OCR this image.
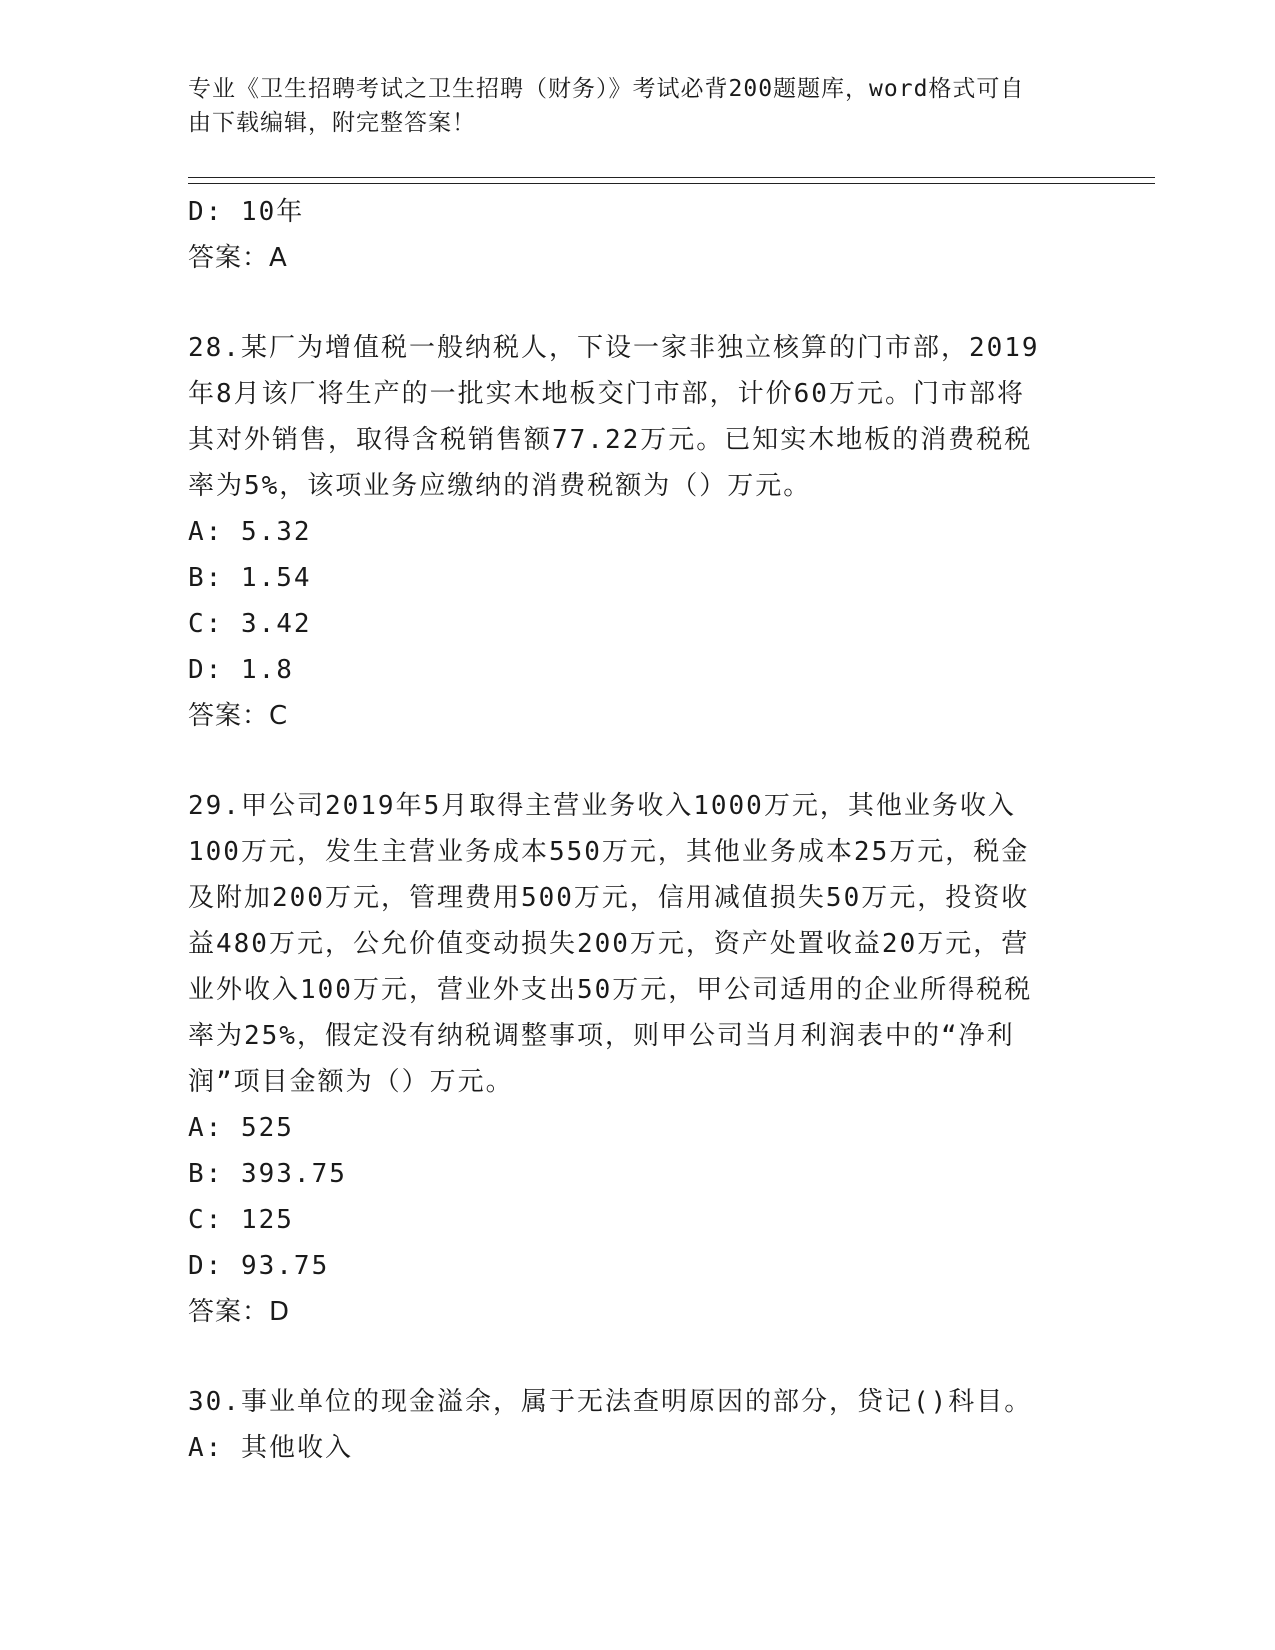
专业《卫生招聘考试之卫生招聘（财务）》考试必背200题题库，word格式可自
由下载编辑，附完整答案！
D: 10年
答案：A
28.某厂为增值税一般纳税人，下设一家非独立核算的门市部，2019
年8月该厂将生产的一批实木地板交门市部，计价60万元。门市部将
其对外销售，取得含税销售额77.22万元。已知实木地板的消费税税
率为5%，该项业务应缴纳的消费税额为（）万元。
A: 5.32
B: 1.54
C: 3.42
D: 1.8
答案：C
29.甲公司2019年5月取得主营业务收入1000万元，其他业务收入
100万元，发生主营业务成本550万元，其他业务成本25万元，税金
及附加200万元，管理费用500万元，信用减值损失50万元，投资收
益480万元，公允价值变动损失200万元，资产处置收益20万元，营
业外收入100万元，营业外支出50万元，甲公司适用的企业所得税税
率为25%，假定没有纳税调整事项，则甲公司当月利润表中的“净利
润”项目金额为（）万元。
A: 525
B: 393.75
C: 125
D: 93.75
答案：D
30.事业单位的现金溢余，属于无法查明原因的部分，贷记()科目。
A: 其他收入
